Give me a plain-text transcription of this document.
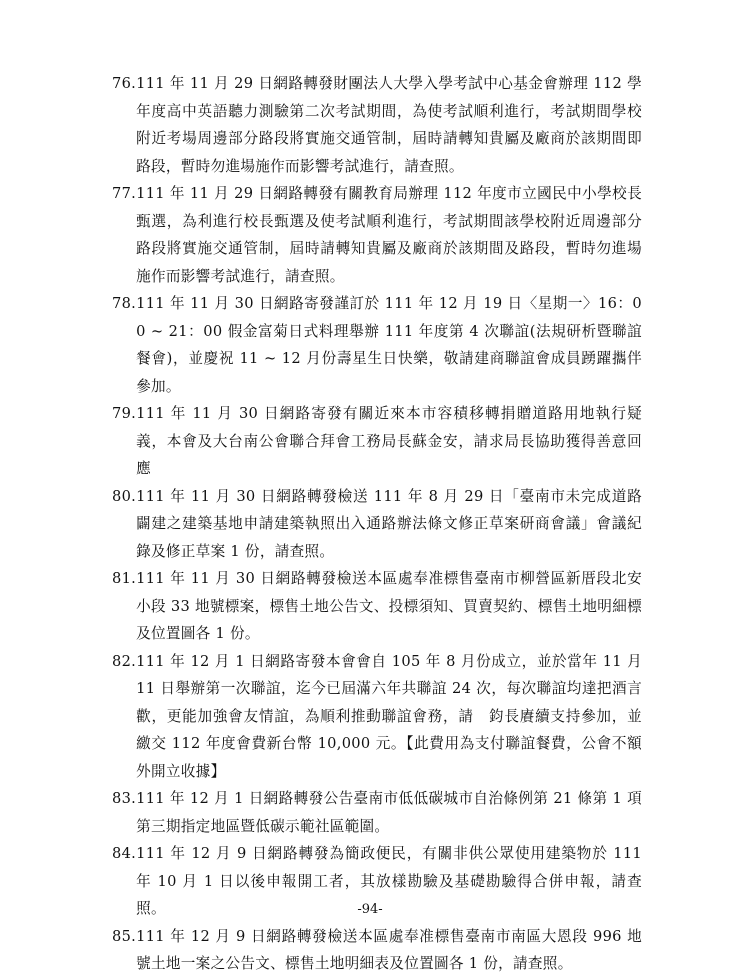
76. 111 年 11 月 29 日網路轉發財團法人大學入學考試中心基金會辦理 112 學年度高中英語聽力測驗第二次考試期間，為使考試順利進行，考試期間學校附近考場周邊部分路段將實施交通管制，屆時請轉知貴屬及廠商於該期間即路段，暫時勿進場施作而影響考試進行，請查照。
77. 111 年 11 月 29 日網路轉發有關教育局辦理 112 年度市立國民中小學校長甄選，為利進行校長甄選及使考試順利進行，考試期間該學校附近周邊部分路段將實施交通管制，屆時請轉知貴屬及廠商於該期間及路段，暫時勿進場施作而影響考試進行，請查照。
78. 111 年 11 月 30 日網路寄發謹訂於 111 年 12 月 19 日〈星期一〉16：00 ~ 21：00 假金富菊日式料理舉辦 111 年度第 4 次聯誼(法規研析暨聯誼餐會)，並慶祝 11 ~ 12 月份壽星生日快樂，敬請建商聯誼會成員踴躍攜伴參加。
79. 111 年 11 月 30 日網路寄發有關近來本市容積移轉捐贈道路用地執行疑義，本會及大台南公會聯合拜會工務局長蘇金安，請求局長協助獲得善意回應
80. 111 年 11 月 30 日網路轉發檢送 111 年 8 月 29 日「臺南市未完成道路闢建之建築基地申請建築執照出入通路辦法條文修正草案研商會議」會議紀錄及修正草案 1 份，請查照。
81. 111 年 11 月 30 日網路轉發檢送本區處奉准標售臺南市柳營區新厝段北安小段 33 地號標案，標售土地公告文、投標須知、買賣契約、標售土地明細標及位置圖各 1 份。
82. 111 年 12 月 1 日網路寄發本會會自 105 年 8 月份成立，並於當年 11 月 11 日舉辦第一次聯誼，迄今已屆滿六年共聯誼 24 次，每次聯誼均達把酒言歡，更能加強會友情誼，為順利推動聯誼會務，請　鈞長賡續支持參加，並繳交 112 年度會費新台幣 10,000 元。【此費用為支付聯誼餐費，公會不額外開立收據】
83. 111 年 12 月 1 日網路轉發公告臺南市低低碳城市自治條例第 21 條第 1 項第三期指定地區暨低碳示範社區範圍。
84. 111 年 12 月 9 日網路轉發為簡政便民，有關非供公眾使用建築物於 111 年 10 月 1 日以後申報開工者，其放樣勘驗及基礎勘驗得合併申報，請查照。
85. 111 年 12 月 9 日網路轉發檢送本區處奉准標售臺南市南區大恩段 996 地號土地一案之公告文、標售土地明細表及位置圖各 1 份，請查照。
-94-
